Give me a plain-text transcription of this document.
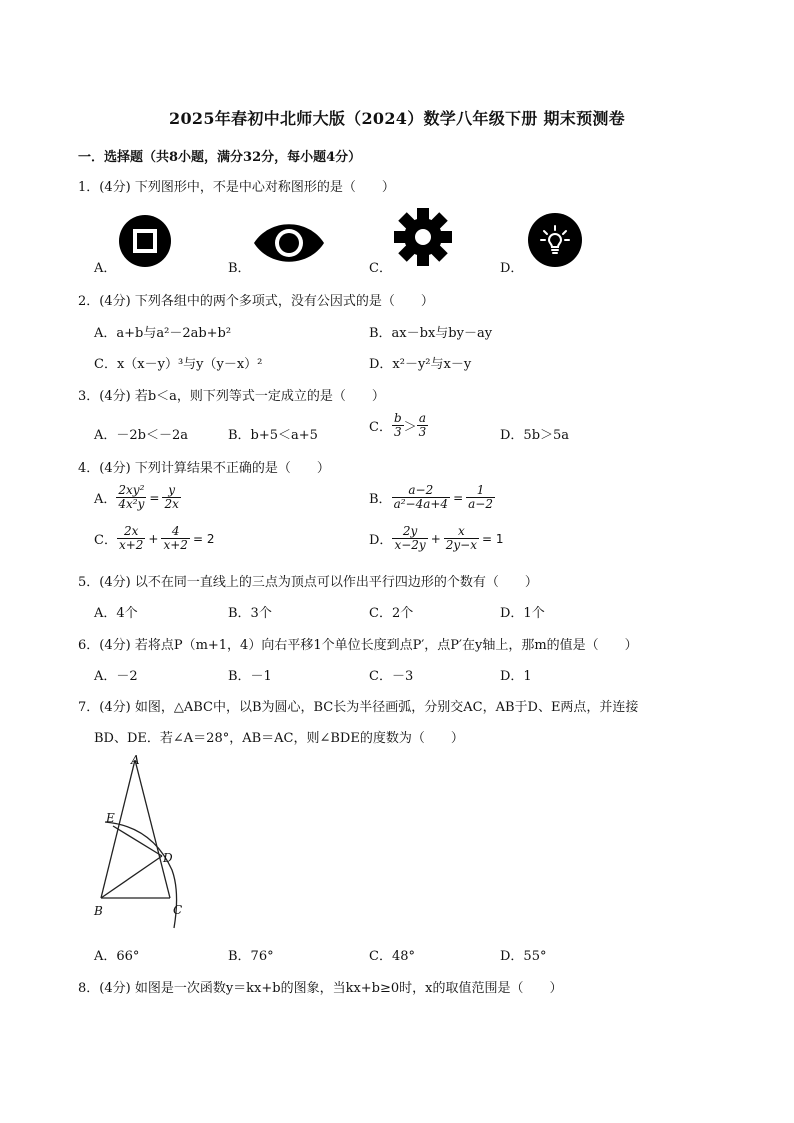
2025年春初中北师大版（2024）数学八年级下册 期末预测卷
一．选择题（共8小题，满分32分，每小题4分）
1．(4分) 下列图形中，不是中心对称图形的是（　　）
A．	B．	C．	D．
2．(4分) 下列各组中的两个多项式，没有公因式的是（　　）
A．a+b与a²－2ab+b²	B．ax－bx与by－ay
C．x（x－y）³与y（y－x）²	D．x²－y²与x－y
3．(4分) 若b＜a，则下列等式一定成立的是（　　）
A．－2b＜－2a	B．b+5＜a+5
C． $\frac{b}{3} > \frac{a}{3}$	D．5b＞5a
4．(4分) 下列计算结果不正确的是（　　）
A． $\frac{\text{2xy²}}{\text{4x²y}} = \frac{y}{2x}$	B． $\frac{a-2}{\text{a²−4a+4}} = \frac{1}{a-2}$
C． $\frac{2x}{x+2} + \frac{4}{x+2} = 2$	D． $\frac{2y}{x-2y} + \frac{x}{2y-x} = 1$
5．(4分) 以不在同一直线上的三点为顶点可以作出平行四边形的个数有（　　）
A．4个	B．3个	C．2个	D．1个
6．(4分) 若将点P（m+1，4）向右平移1个单位长度到点P′，点P′在y轴上，那m的值是（　　）
A．－2	B．－1	C．－3	D．1
7．(4分) 如图，△ABC中，以B为圆心，BC长为半径画弧，分别交AC，AB于D、E两点，并连接
BD、DE．若∠A＝28°，AB＝AC，则∠BDE的度数为（　　）
A
E
D
B	C
A．66°	B．76°	C．48°	D．55°
8．(4分) 如图是一次函数y＝kx+b的图象，当kx+b≥0时，x的取值范围是（　　）
